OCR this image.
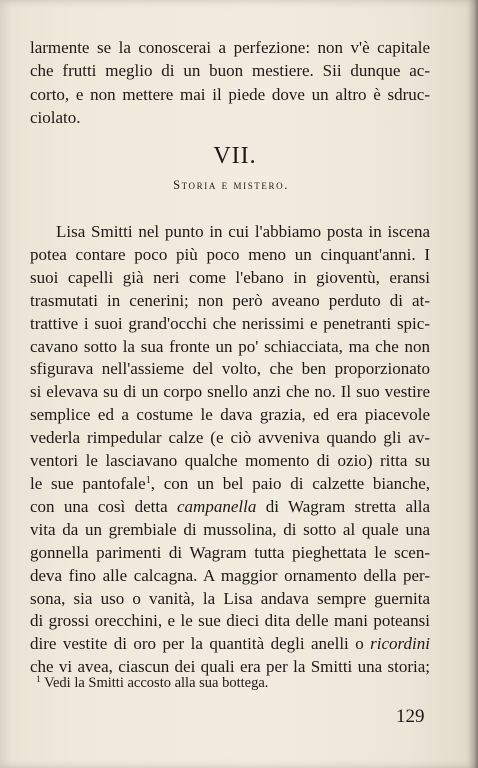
larmente se la conoscerai a perfezione: non v'è capitale
che frutti meglio di un buon mestiere. Sii dunque ac-
corto, e non mettere mai il piede dove un altro è sdruc-
ciolato.
VII.
Storia e mistero.
Lisa Smitti nel punto in cui l'abbiamo posta in iscena
potea contare poco più poco meno un cinquant'anni. I
suoi capelli già neri come l'ebano in gioventù, eransi
trasmutati in cenerini; non però aveano perduto di at-
trattive i suoi grand'occhi che nerissimi e penetranti spic-
cavano sotto la sua fronte un po' schiacciata, ma che non
sfigurava nell'assieme del volto, che ben proporzionato
si elevava su di un corpo snello anzi che no. Il suo vestire
semplice ed a costume le dava grazia, ed era piacevole
vederla rimpedular calze (e ciò avveniva quando gli av-
ventori le lasciavano qualche momento di ozio) ritta su
le sue pantofale$^1$, con un bel paio di calzette bianche,
con una così detta campanella di Wagram stretta alla
vita da un grembiale di mussolina, di sotto al quale una
gonnella parimenti di Wagram tutta pieghettata le scen-
deva fino alle calcagna. A maggior ornamento della per-
sona, sia uso o vanità, la Lisa andava sempre guernita
di grossi orecchini, e le sue dieci dita delle mani poteansi
dire vestite di oro per la quantità degli anelli o ricordini
che vi avea, ciascun dei quali era per la Smitti una storia;
$^1$ Vedi la Smitti accosto alla sua bottega.
129
